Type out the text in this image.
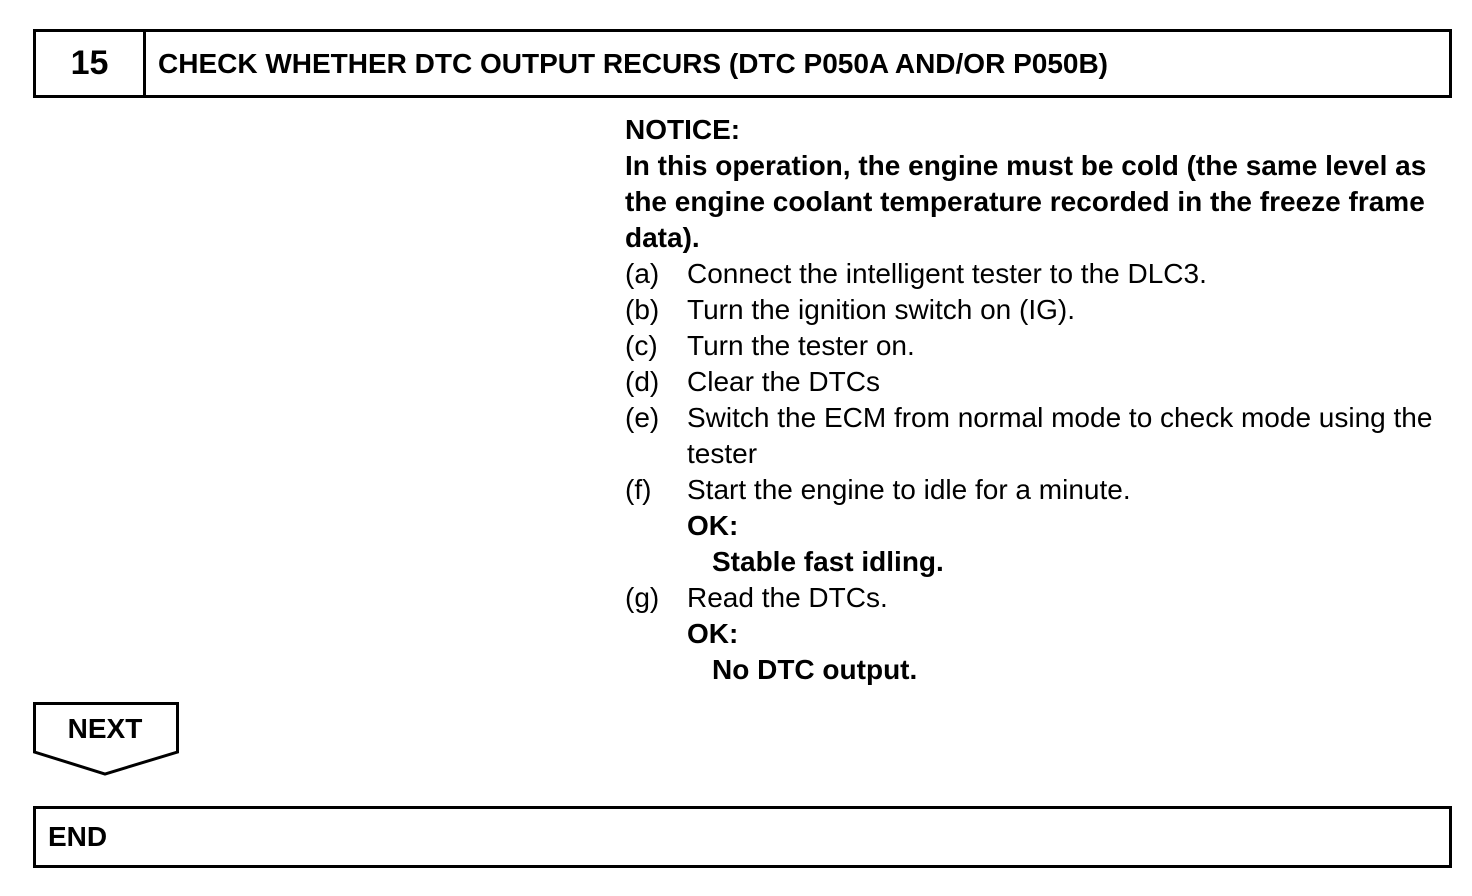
15	CHECK WHETHER DTC OUTPUT RECURS (DTC P050A AND/OR P050B)
NOTICE:
In this operation, the engine must be cold (the same level as the engine coolant temperature recorded in the freeze frame data).
(a) Connect the intelligent tester to the DLC3.
(b) Turn the ignition switch on (IG).
(c)	Turn the tester on.
(d) Clear the DTCs
(e) Switch the ECM from normal mode to check mode using the tester
(f)	Start the engine to idle for a minute.
OK:
Stable fast idling.
(g) Read the DTCs.
OK:
No DTC output.
NEXT
END
